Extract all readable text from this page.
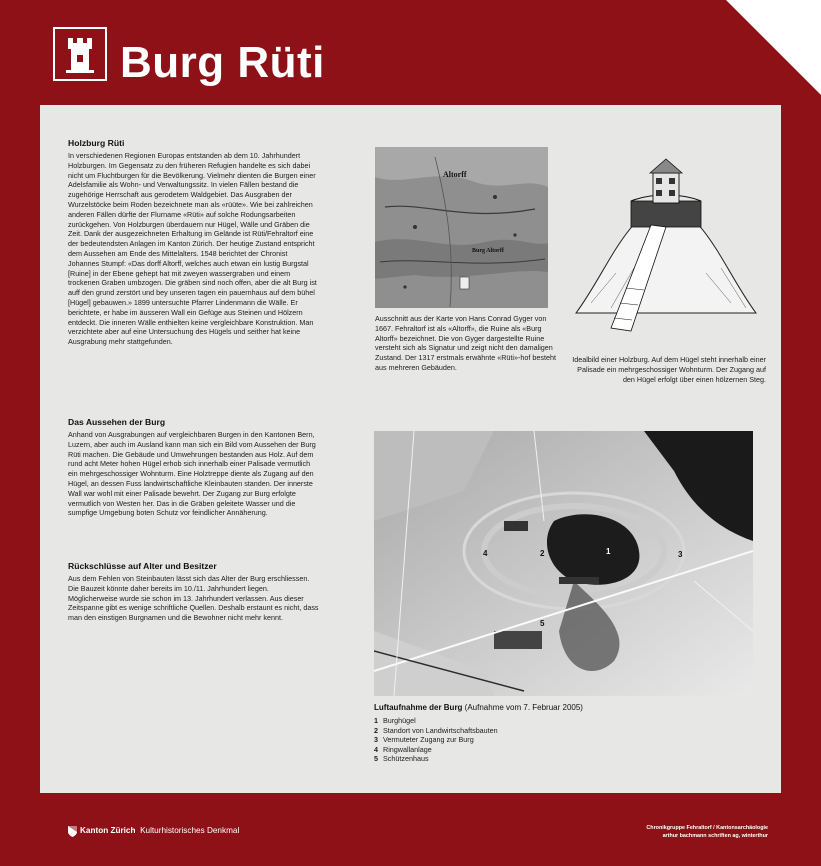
Burg Rüti
Holzburg Rüti

In verschiedenen Regionen Europas entstanden ab dem 10. Jahrhundert Holzburgen. Im Gegensatz zu den früheren Refugien handelte es sich dabei nicht um Fluchtburgen für die Bevölkerung. Vielmehr dienten die Burgen einer Adelsfamilie als Wohn- und Verwaltungssitz. In vielen Fällen bestand die zugehörige Herrschaft aus gerodetem Waldgebiet. Das Ausgraben der Wurzelstöcke beim Roden bezeichnete man als «rüüte». Wie bei zahlreichen anderen Fällen dürfte der Flurname «Rüti» auf solche Rodungsarbeiten zurückgehen. Von Holzburgen überdauern nur Hügel, Wälle und Gräben die Zeit. Dank der ausgezeichneten Erhaltung im Gelände ist Rüti/Fehraltorf eine der bedeutendsten Anlagen im Kanton Zürich. Der heutige Zustand entspricht dem Aussehen am Ende des Mittelalters. 1548 berichtet der Chronist Johannes Stumpf: «Das dorff Altorff, welches auch etwan ein lustig Burgstal [Ruine] in der Ebene gehept hat mit zweyen wassergraben und einem trockenen Graben umbzogen. Die gräben sind noch offen, aber die alt Burg ist auff den grund zerstört und bey unseren tagen ein pauernhaus auf dem bühel [Hügel] gebauwen.» 1899 untersuchte Pfarrer Lindenmann die Wälle. Er berichtete, er habe im äusseren Wall ein Gefüge aus Steinen und Hölzern entdeckt. Die inneren Wälle enthielten keine vergleichbare Konstruktion. Man verzichtete aber auf eine Untersuchung des Hügels und seither hat keine Ausgrabung mehr stattgefunden.

Das Aussehen der Burg

Anhand von Ausgrabungen auf vergleichbaren Burgen in den Kantonen Bern, Luzern, aber auch im Ausland kann man sich ein Bild vom Aussehen der Burg Rüti machen. Die Gebäude und Umwehrungen bestanden aus Holz. Auf dem rund acht Meter hohen Hügel erhob sich innerhalb einer Palisade vermutlich ein mehrgeschossiger Wohnturm. Eine Holztreppe diente als Zugang auf den Hügel, an dessen Fuss landwirtschaftliche Kleinbauten standen. Der innerste Wall war wohl mit einer Palisade bewehrt. Der Zugang zur Burg erfolgte vermutlich von Westen her. Das in die Gräben geleitete Wasser und die sumpfige Umgebung boten Schutz vor feindlicher Annäherung.

Rückschlüsse auf Alter und Besitzer

Aus dem Fehlen von Steinbauten lässt sich das Alter der Burg erschliessen. Die Bauzeit könnte daher bereits im 10./11. Jahrhundert liegen. Möglicherweise wurde sie schon im 13. Jahrhundert verlassen. Aus dieser Zeitspanne gibt es wenige schriftliche Quellen. Deshalb erstaunt es nicht, dass man den einstigen Burgnamen und die Bewohner nicht mehr kennt.

Altorff
Burg Altorff

Ausschnitt aus der Karte von Hans Conrad Gyger von 1667. Fehraltorf ist als «Altorff», die Ruine als «Burg Altorff» bezeichnet. Die von Gyger dargestellte Ruine versteht sich als Signatur und zeigt nicht den damaligen Zustand. Der 1317 erstmals erwähnte «Rüti»-hof besteht aus mehreren Gebäuden.

Idealbild einer Holzburg. Auf dem Hügel steht innerhalb einer Palisade ein mehrgeschossiger Wohnturm. Der Zugang auf den Hügel erfolgt über einen hölzernen Steg.

1
2	3
4
5

Luftaufnahme der Burg (Aufnahme vom 7. Februar 2005)

1 Burghügel
2 Standort von Landwirtschaftsbauten
3 Vermuteter Zugang zur Burg
4 Ringwallanlage
5 Schützenhaus
Kanton Zürich Kulturhistorisches Denkmal	Chronikgruppe Fehraltorf / Kantonsarchäologie
arthur bachmann schriften ag, winterthur
